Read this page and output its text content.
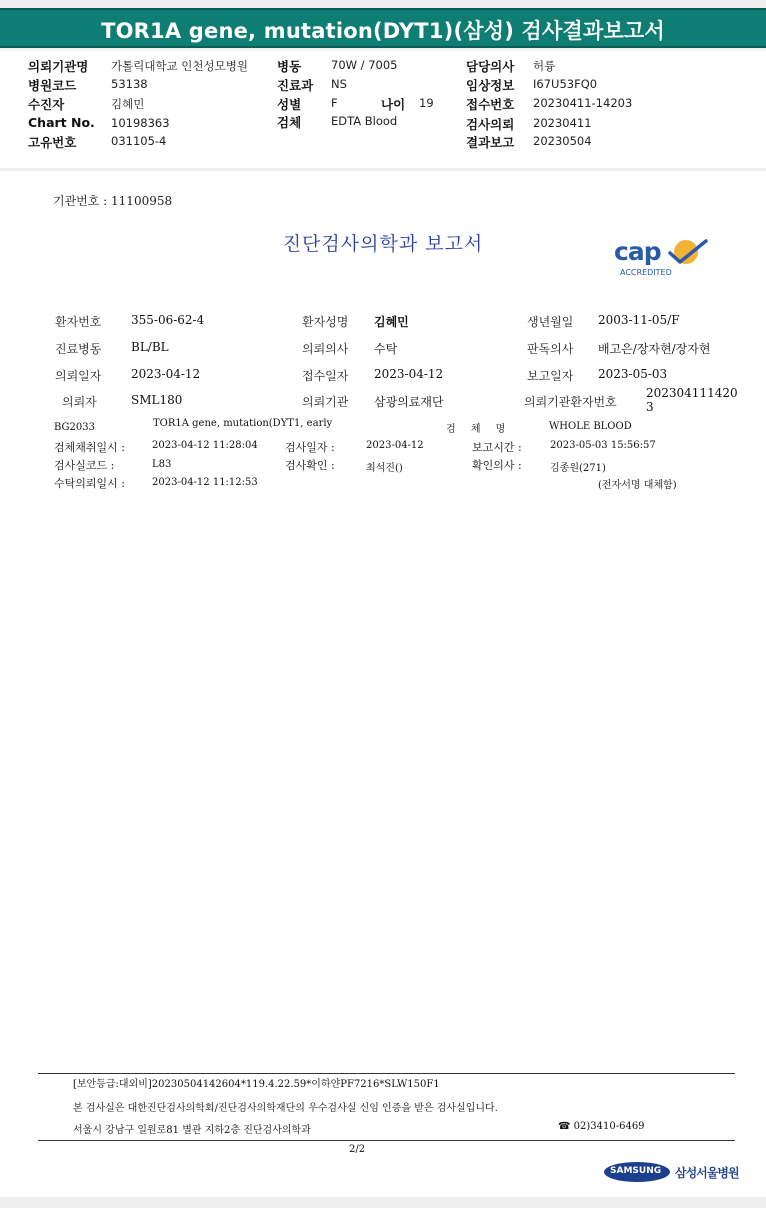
TOR1A gene, mutation(DYT1)(삼성) 검사결과보고서
의뢰기관명 가톨릭대학교 인천성모병원
병원코드	53138
수진자	김혜민
Chart No. 10198363
고유번호	031105-4
병동	70W / 7005
진료과 NS
성별	F	나이 19
검체	EDTA Blood
담당의사 허륭
임상정보 I67U53FQ0
접수번호 20230411-14203
검사의뢰 20230411
결과보고 20230504
기관번호 : 11100958
진단검사의학과 보고서	cap
ACCREDITED
환자번호 355-06-62-4	환자성명 김혜민	생년월일 2003-11-05/F
진료병동 BL/BL	의뢰의사 수탁	판독의사 배고은/장자현/장자현
의뢰일자 2023-04-12	접수일자 2023-04-12	보고일자 2023-05-03
의뢰자	SML180	의뢰기관 삼광의료재단	의뢰기관환자번호
202304111420
3
BG2033	TOR1A gene, mutation(DYT1, early
검 체 명	WHOLE BLOOD
검체채취일시 :	2023-04-12 11:28:04 검사일자 :	2023-04-12	보고시간 :	2023-05-03 15:56:57
검사실코드 :	L83	검사확인 :	최석진()	확인의사 :	김종원(271)
수탁의뢰일시 :	2023-04-12 11:12:53	(전자서명 대체함)
[보안등급:대외비]20230504142604*119.4.22.59*이하얀PF7216*SLW150F1
본 검사실은 대한진단검사의학회/진단검사의학재단의 우수검사실 신임 인증을 받은 검사실입니다.
서울시 강남구 일원로81 별관 지하2층 진단검사의학과	☎ 02)3410-6469
2/2
SAMSUNG 삼성서울병원
